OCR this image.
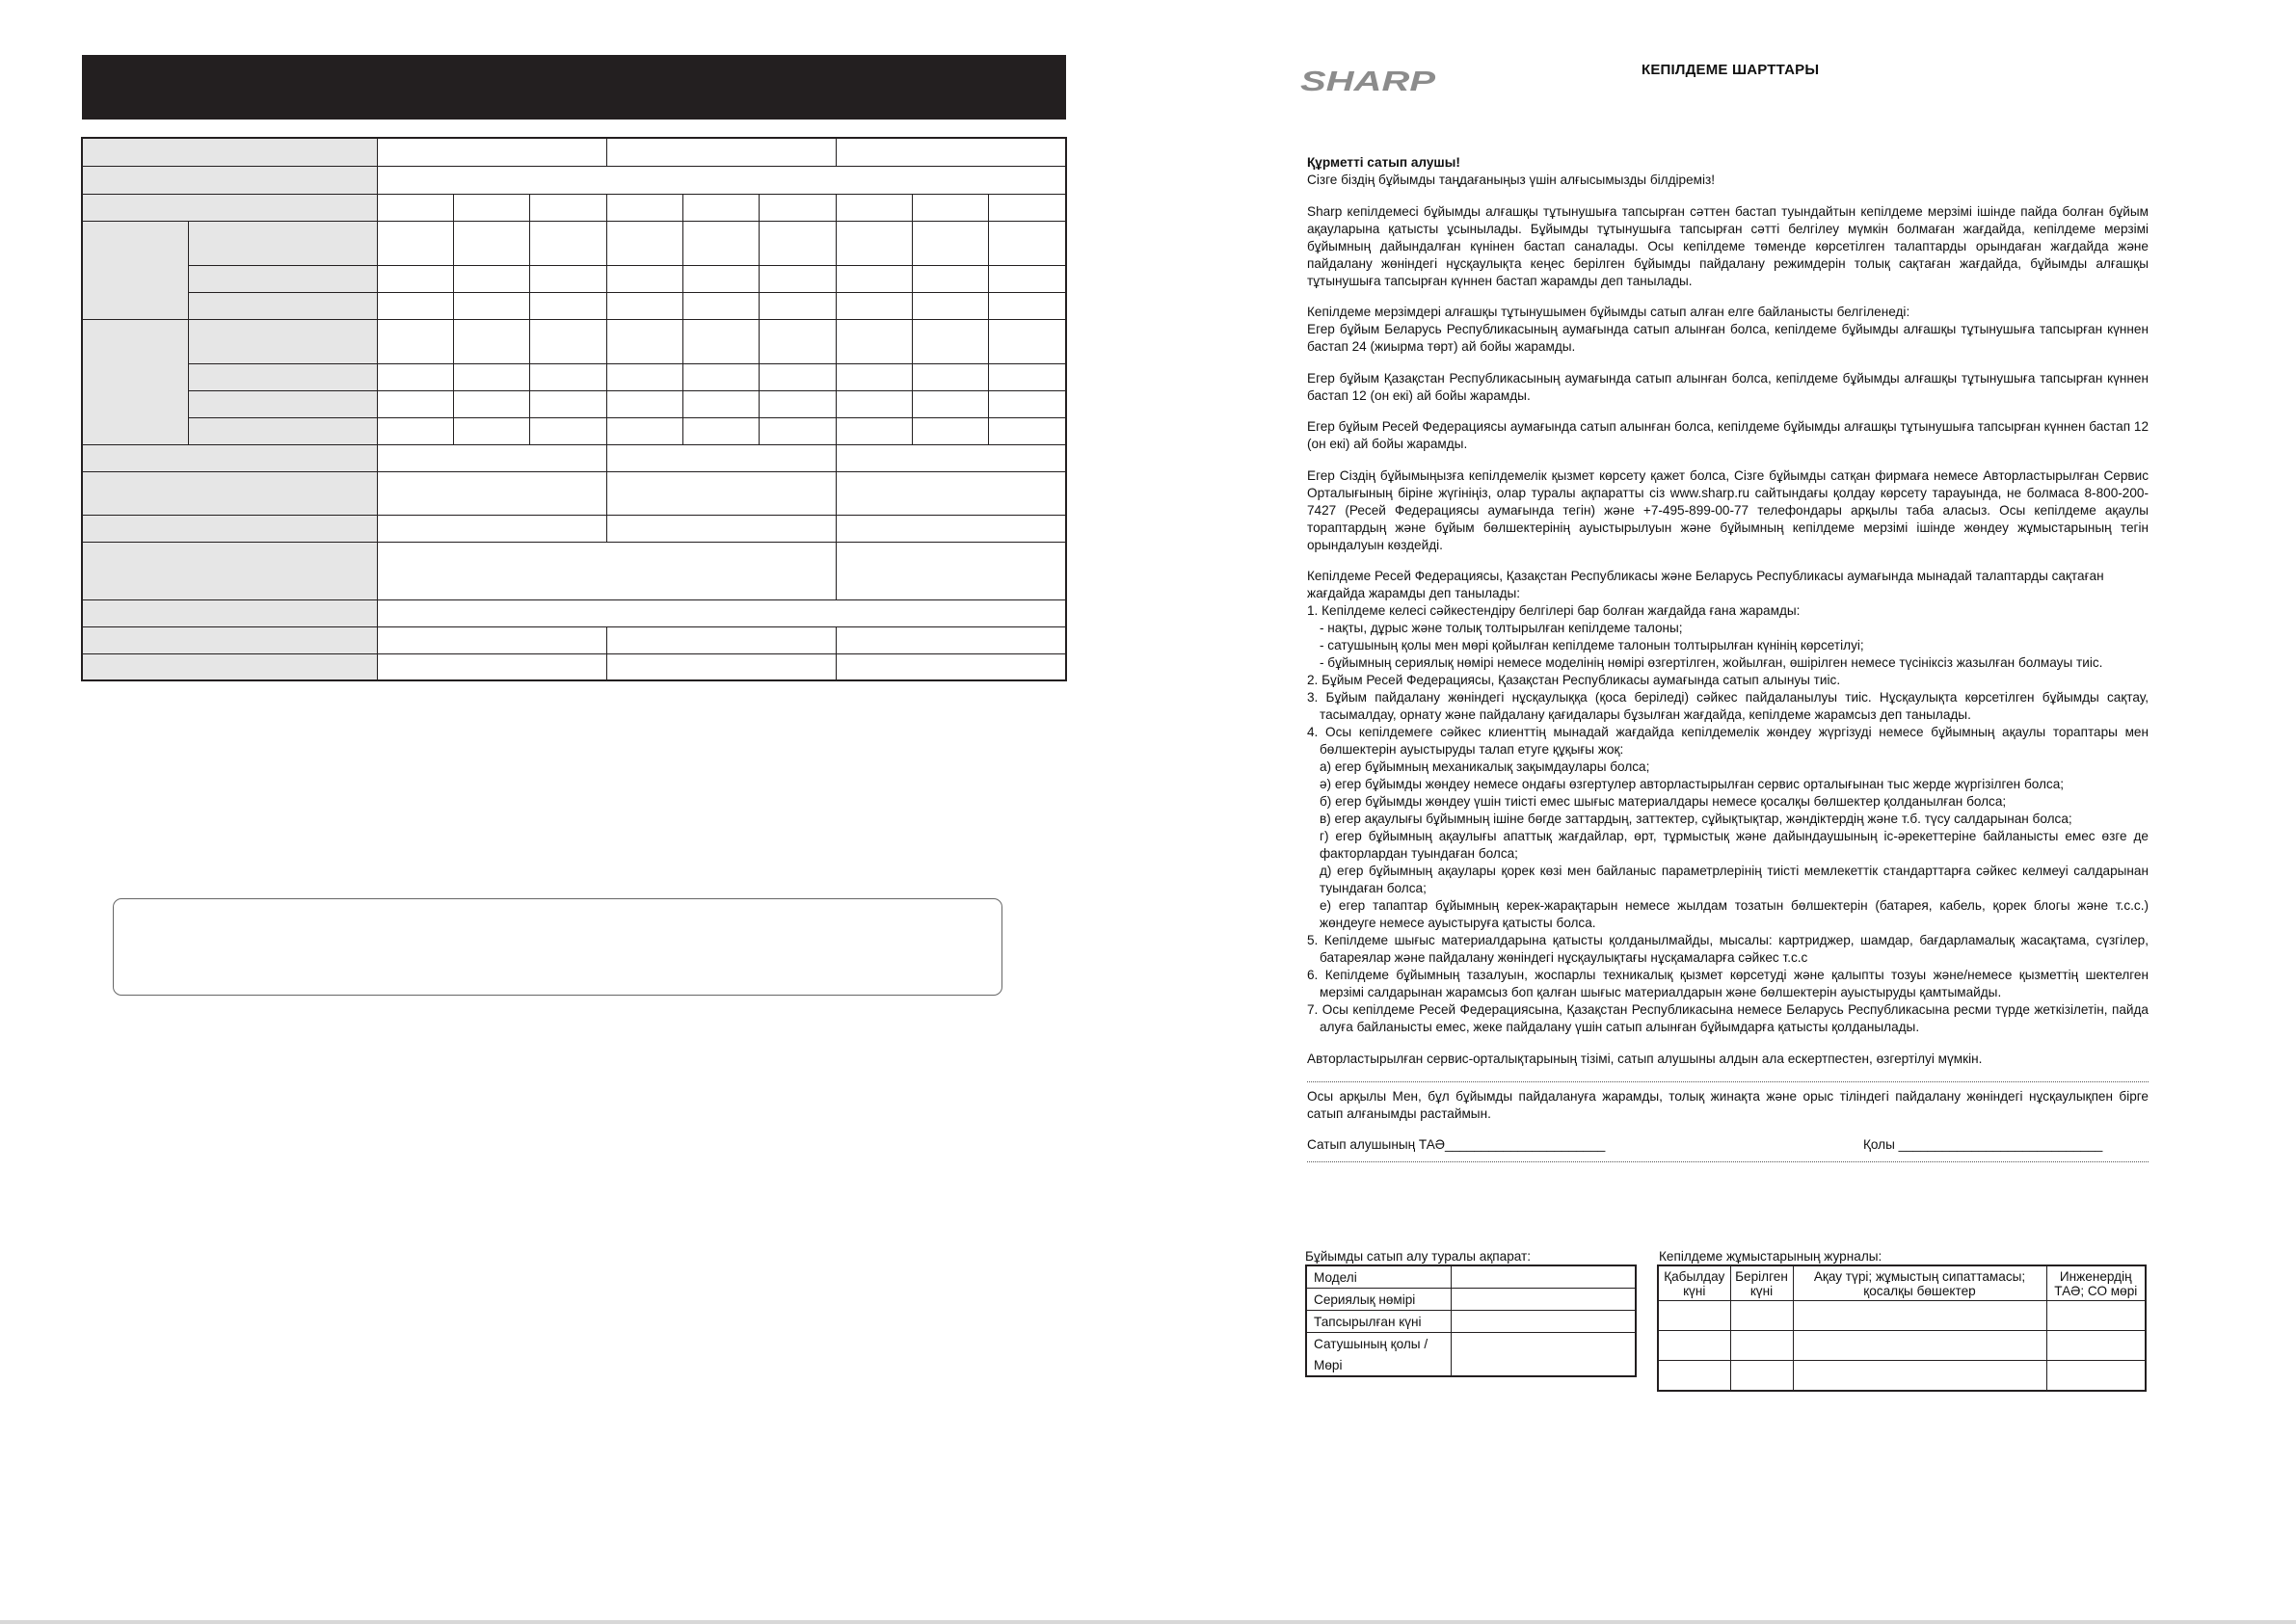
SHARP	КЕПІЛДЕМЕ ШАРТТАРЫ

Құрметті сатып алушы!

Сізге біздің бұйымды таңдағаныңыз үшін алғысымызды білдіреміз!

Sharp кепілдемесі бұйымды алғашқы тұтынушыға тапсырған сәттен бастап туындайтын кепілдеме мерзімі ішінде пайда болған бұйым ақауларына қатысты ұсынылады. Бұйымды тұтынушыға тапсырған сәтті белгілеу мүмкін болмаған жағдайда, кепілдеме мерзімі бұйымның дайындалған күнінен бастап саналады. Осы кепілдеме төменде көрсетілген талаптарды орындаған жағдайда және пайдалану жөніндегі нұсқаулықта кеңес берілген бұйымды пайдалану режимдерін толық сақтаған жағдайда, бұйымды алғашқы тұтынушыға тапсырған күннен бастап жарамды деп танылады.

Кепілдеме мерзімдері алғашқы тұтынушымен бұйымды сатып алған елге байланысты белгіленеді:

Егер бұйым Беларусь Республикасының аумағында сатып алынған болса, кепілдеме бұйымды алғашқы тұтынушыға тапсырған күннен бастап 24 (жиырма төрт) ай бойы жарамды.

Егер бұйым Қазақстан Республикасының аумағында сатып алынған болса, кепілдеме бұйымды алғашқы тұтынушыға тапсырған күннен бастап 12 (он екі) ай бойы жарамды.

Егер бұйым Ресей Федерациясы аумағында сатып алынған болса, кепілдеме бұйымды алғашқы тұтынушыға тапсырған күннен бастап 12 (он екі) ай бойы жарамды.

Егер Сіздің бұйымыңызға кепілдемелік қызмет көрсету қажет болса, Сізге бұйымды сатқан фирмаға немесе Авторластырылған Сервис Орталығының біріне жүгініңіз, олар туралы ақпаратты сіз www.sharp.ru сайтындағы қолдау көрсету тарауында, не болмаса 8-800-200-7427 (Ресей Федерациясы аумағында тегін) және +7-495-899-00-77 телефондары арқылы таба аласыз. Осы кепілдеме ақаулы тораптардың және бұйым бөлшектерінің ауыстырылуын және бұйымның кепілдеме мерзімі ішінде жөндеу жұмыстарының тегін орындалуын көздейді.

Кепілдеме Ресей Федерациясы, Қазақстан Республикасы және Беларусь Республикасы аумағында мынадай талаптарды сақтаған жағдайда жарамды деп танылады:

1. Кепілдеме келесі сәйкестендіру белгілері бар болған жағдайда ғана жарамды:

- нақты, дұрыс және толық толтырылған кепілдеме талоны;

- сатушының қолы мен мөрі қойылған кепілдеме талонын толтырылған күнінің көрсетілуі;

- бұйымның сериялық нөмірі немесе моделінің нөмірі өзгертілген, жойылған, өшірілген немесе түсініксіз жазылған болмауы тиіс.

2. Бұйым Ресей Федерациясы, Қазақстан Республикасы аумағында сатып алынуы тиіс.

3. Бұйым пайдалану жөніндегі нұсқаулыққа (қоса беріледі) сәйкес пайдаланылуы тиіс. Нұсқаулықта көрсетілген бұйымды сақтау, тасымалдау, орнату және пайдалану қағидалары бұзылған жағдайда, кепілдеме жарамсыз деп танылады.

4. Осы кепілдемеге сәйкес клиенттің мынадай жағдайда кепілдемелік жөндеу жүргізуді немесе бұйымның ақаулы тораптары мен бөлшектерін ауыстыруды талап етуге құқығы жоқ:

а) егер бұйымның механикалық зақымдаулары болса;

ә) егер бұйымды жөндеу немесе ондағы өзгертулер авторластырылған сервис орталығынан тыс жерде жүргізілген болса;

б) егер бұйымды жөндеу үшін тиісті емес шығыс материалдары немесе қосалқы бөлшектер қолданылған болса;

в) егер ақаулығы бұйымның ішіне бөгде заттардың, заттектер, сұйықтықтар, жәндіктердің және т.б. түсу салдарынан болса;

г) егер бұйымның ақаулығы апаттық жағдайлар, өрт, тұрмыстық және дайындаушының іс-әрекеттеріне байланысты емес өзге де факторлардан туындаған болса;

д) егер бұйымның ақаулары қорек көзі мен байланыс параметрлерінің тиісті мемлекеттік стандарттарға сәйкес келмеуі салдарынан туындаған болса;

е) егер тапаптар бұйымның керек-жарақтарын немесе жылдам тозатын бөлшектерін (батарея, кабель, қорек блогы және т.с.с.) жөндеуге немесе ауыстыруға қатысты болса.

5. Кепілдеме шығыс материалдарына қатысты қолданылмайды, мысалы: картриджер, шамдар, бағдарламалық жасақтама, сүзгілер, батареялар және пайдалану жөніндегі нұсқаулықтағы нұсқамаларға сәйкес т.с.с

6. Кепілдеме бұйымның тазалуын, жоспарлы техникалық қызмет көрсетуді және қалыпты тозуы және/немесе қызметтің шектелген мерзімі салдарынан жарамсыз боп қалған шығыс материалдарын және бөлшектерін ауыстыруды қамтымайды.

7. Осы кепілдеме Ресей Федерациясына, Қазақстан Республикасына немесе Беларусь Республикасына ресми түрде жеткізілетін, пайда алуға байланысты емес, жеке пайдалану үшін сатып алынған бұйымдарға қатысты қолданылады.

Авторластырылған сервис-орталықтарының тізімі, сатып алушыны алдын ала ескертпестен, өзгертілуі мүмкін.

Осы арқылы Мен, бұл бұйымды пайдалануға жарамды, толық жинақта және орыс тіліндегі пайдалану жөніндегі нұсқаулықпен бірге сатып алғанымды растаймын.

Сатып алушының ТАӘ______________________	Қолы ____________________________
Бұйымды сатып алу туралы ақпарат:
Моделі	
Сериялық нөмірі	
Тапсырылған күні	
Сатушының қолы /	
Мөрі	
Кепілдеме жұмыстарының журналы:
Қабылдау күні	Берілген күні	Ақау түрі; жұмыстың сипаттамасы; қосалқы бөшектер	Инженердің ТАӘ; СО мөрі
